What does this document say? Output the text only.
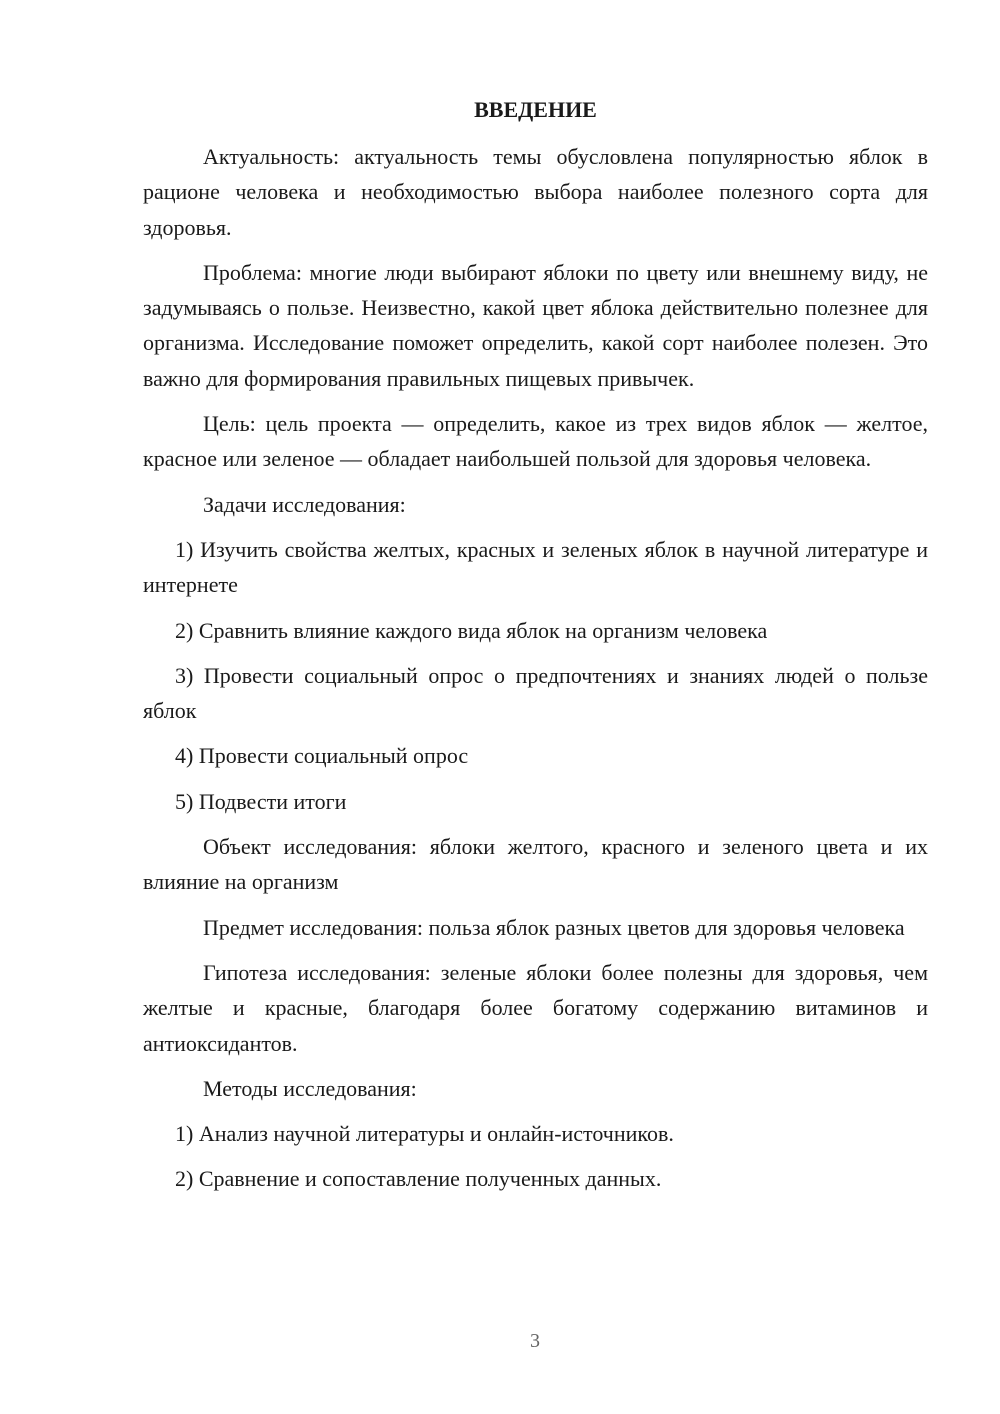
ВВЕДЕНИЕ

Актуальность: актуальность темы обусловлена популярностью яблок в рационе человека и необходимостью выбора наиболее полезного сорта для здоровья.

Проблема: многие люди выбирают яблоки по цвету или внешнему виду, не задумываясь о пользе. Неизвестно, какой цвет яблока действительно полезнее для организма. Исследование поможет определить, какой сорт наиболее полезен. Это важно для формирования правильных пищевых привычек.

Цель: цель проекта — определить, какое из трех видов яблок — желтое, красное или зеленое — обладает наибольшей пользой для здоровья человека.

Задачи исследования:

1) Изучить свойства желтых, красных и зеленых яблок в научной литературе и интернете

2) Сравнить влияние каждого вида яблок на организм человека

3) Провести социальный опрос о предпочтениях и знаниях людей о пользе яблок

4) Провести социальный опрос

5) Подвести итоги

Объект исследования: яблоки желтого, красного и зеленого цвета и их влияние на организм

Предмет исследования: польза яблок разных цветов для здоровья человека

Гипотеза исследования: зеленые яблоки более полезны для здоровья, чем желтые и красные, благодаря более богатому содержанию витаминов и антиоксидантов.

Методы исследования:

1) Анализ научной литературы и онлайн-источников.

2) Сравнение и сопоставление полученных данных.

3
